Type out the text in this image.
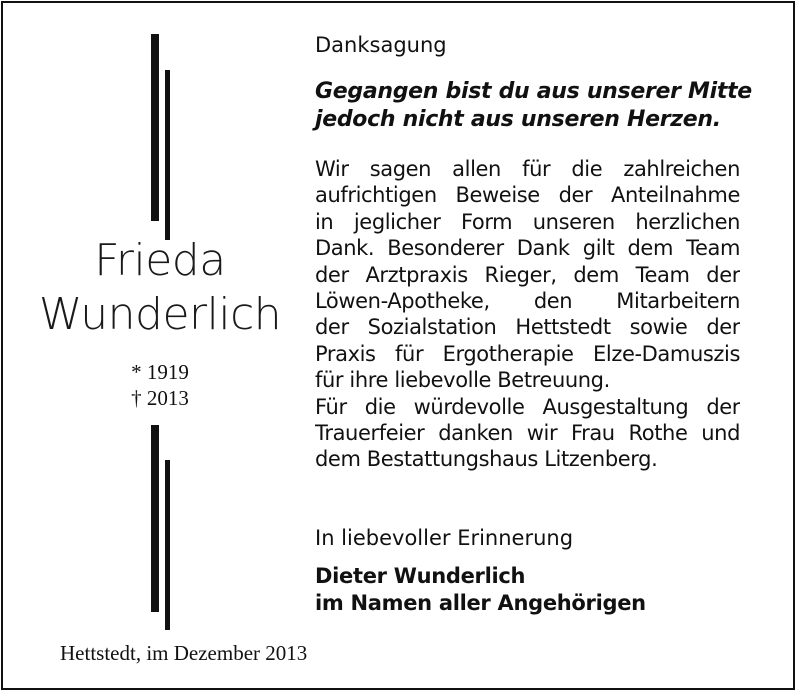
Frieda
Wunderlich
* 1919
† 2013
Danksagung
Gegangen bist du aus unserer Mitte
jedoch nicht aus unseren Herzen.
Wir sagen allen für die zahlreichen
aufrichtigen Beweise der Anteilnahme
in jeglicher Form unseren herzlichen
Dank. Besonderer Dank gilt dem Team
der Arztpraxis Rieger, dem Team der
Löwen-Apotheke, den Mitarbeitern
der Sozialstation Hettstedt sowie der
Praxis für Ergotherapie Elze-Damuszis
für ihre liebevolle Betreuung.
Für die würdevolle Ausgestaltung der
Trauerfeier danken wir Frau Rothe und
dem Bestattungshaus Litzenberg.
In liebevoller Erinnerung
Dieter Wunderlich
im Namen aller Angehörigen
Hettstedt, im Dezember 2013
